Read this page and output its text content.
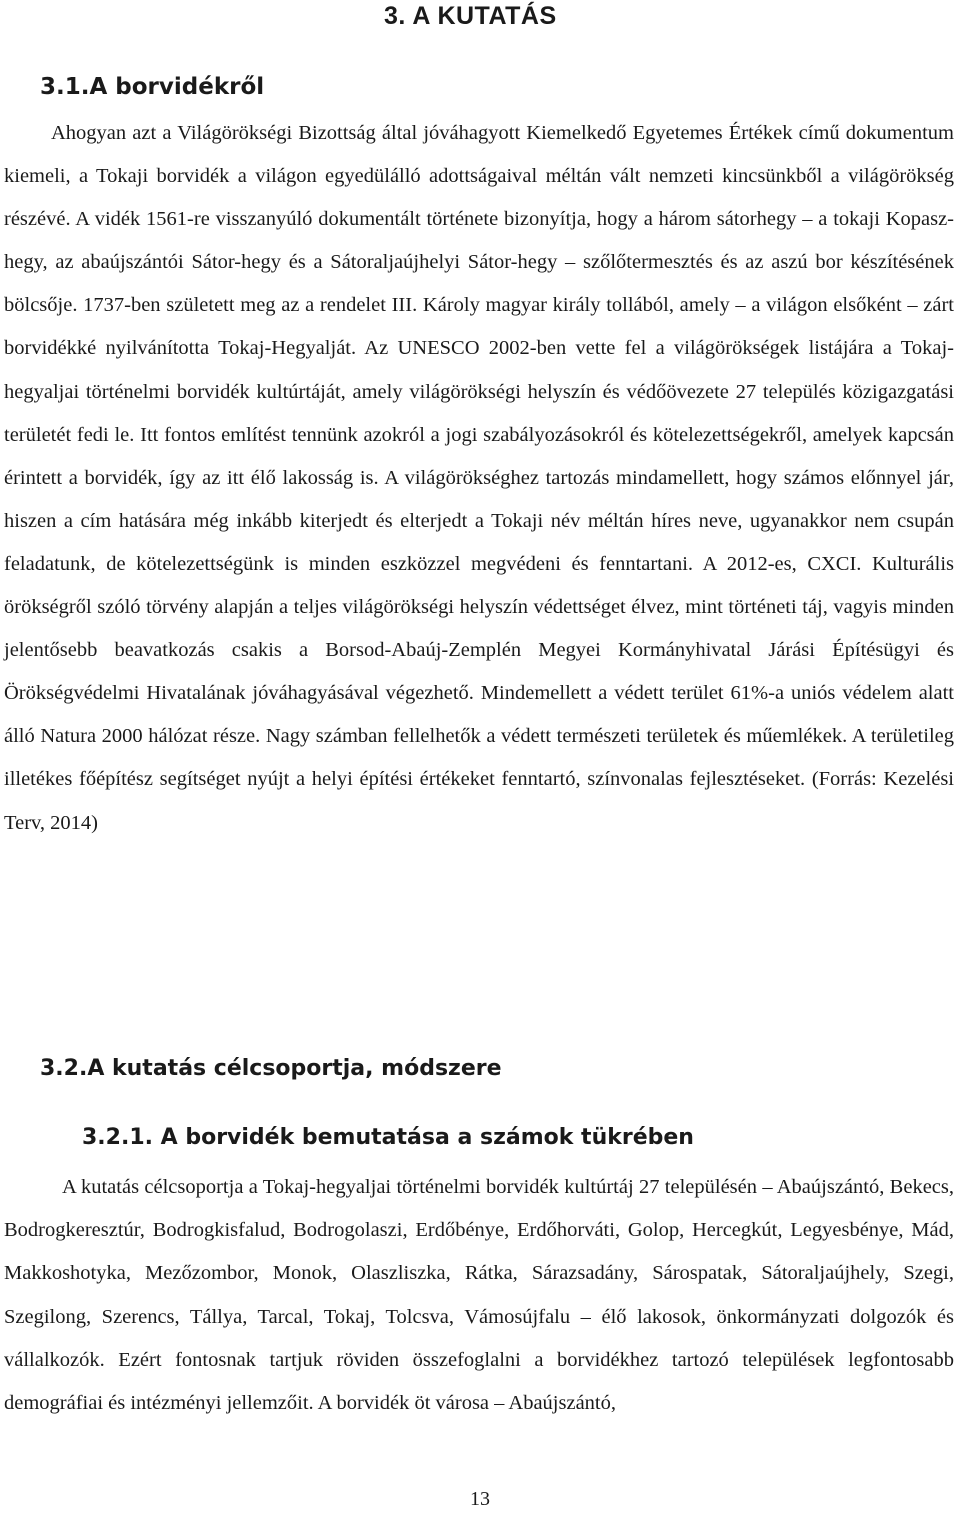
3. A KUTATÁS
3.1.A borvidékről

Ahogyan azt a Világörökségi Bizottság által jóváhagyott Kiemelkedő Egyetemes Értékek című dokumentum kiemeli, a Tokaji borvidék a világon egyedülálló adottságaival méltán vált nemzeti kincsünkből a világörökség részévé. A vidék 1561-re visszanyúló dokumentált története bizonyítja, hogy a három sátorhegy – a tokaji Kopasz-hegy, az abaújszántói Sátor-hegy és a Sátoraljaújhelyi Sátor-hegy – szőlőtermesztés és az aszú bor készítésének bölcsője. 1737-ben született meg az a rendelet III. Károly magyar király tollából, amely – a világon elsőként – zárt borvidékké nyilvánította Tokaj-Hegyalját. Az UNESCO 2002-ben vette fel a világörökségek listájára a Tokaj-hegyaljai történelmi borvidék kultúrtáját, amely világörökségi helyszín és védőövezete 27 település közigazgatási területét fedi le. Itt fontos említést tennünk azokról a jogi szabályozásokról és kötelezettségekről, amelyek kapcsán érintett a borvidék, így az itt élő lakosság is. A világörökséghez tartozás mindamellett, hogy számos előnnyel jár, hiszen a cím hatására még inkább kiterjedt és elterjedt a Tokaji név méltán híres neve, ugyanakkor nem csupán feladatunk, de kötelezettségünk is minden eszközzel megvédeni és fenntartani. A 2012-es, CXCI. Kulturális örökségről szóló törvény alapján a teljes világörökségi helyszín védettséget élvez, mint történeti táj, vagyis minden jelentősebb beavatkozás csakis a Borsod-Abaúj-Zemplén Megyei Kormányhivatal Járási Építésügyi és Örökségvédelmi Hivatalának jóváhagyásával végezhető. Mindemellett a védett terület 61%-a uniós védelem alatt álló Natura 2000 hálózat része. Nagy számban fellelhetők a védett természeti területek és műemlékek. A területileg illetékes főépítész segítséget nyújt a helyi építési értékeket fenntartó, színvonalas fejlesztéseket. (Forrás: Kezelési Terv, 2014)

3.2.A kutatás célcsoportja, módszere
3.2.1. A borvidék bemutatása a számok tükrében

A kutatás célcsoportja a Tokaj-hegyaljai történelmi borvidék kultúrtáj 27 településén – Abaújszántó, Bekecs, Bodrogkeresztúr, Bodrogkisfalud, Bodrogolaszi, Erdőbénye, Erdőhorváti, Golop, Hercegkút, Legyesbénye, Mád, Makkoshotyka, Mezőzombor, Monok, Olaszliszka, Rátka, Sárazsadány, Sárospatak, Sátoraljaújhely, Szegi, Szegilong, Szerencs, Tállya, Tarcal, Tokaj, Tolcsva, Vámosújfalu – élő lakosok, önkormányzati dolgozók és vállalkozók. Ezért fontosnak tartjuk röviden összefoglalni a borvidékhez tartozó települések legfontosabb demográfiai és intézményi jellemzőit. A borvidék öt városa – Abaújszántó,

13
